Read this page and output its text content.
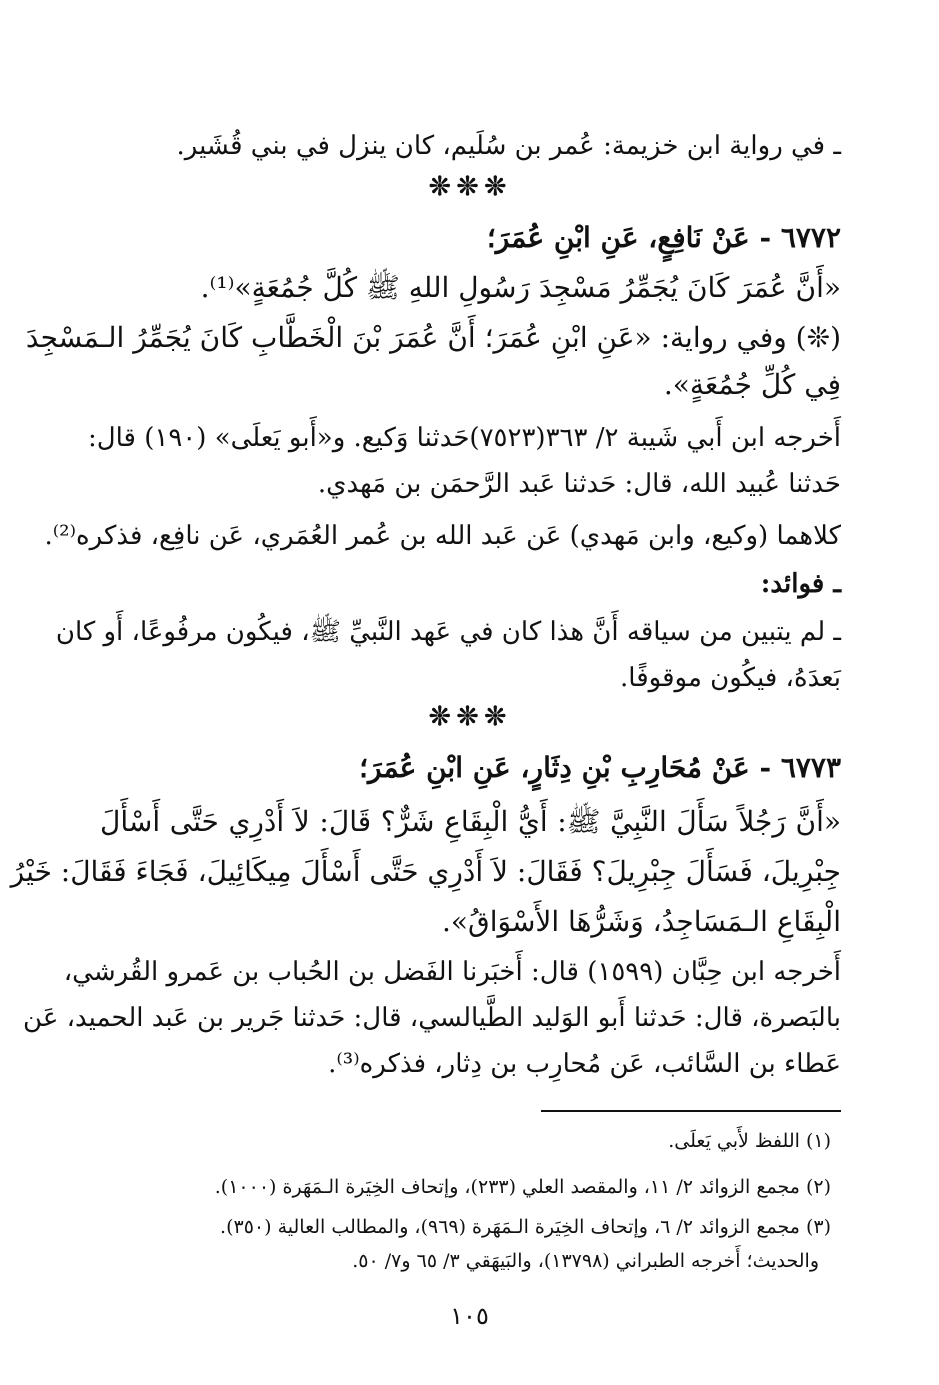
ـ في رواية ابن خزيمة: عُمر بن سُلَيم، كان ينزل في بني قُشَير.
❊❊❊
٦٧٧٢ - عَنْ نَافِعٍ، عَنِ ابْنِ عُمَرَ؛
«أَنَّ عُمَرَ كَانَ يُجَمِّرُ مَسْجِدَ رَسُولِ اللهِ ﷺ كُلَّ جُمُعَةٍ»⁽¹⁾.
(❊) وفي رواية: «عَنِ ابْنِ عُمَرَ؛ أَنَّ عُمَرَ بْنَ الْخَطَّابِ كَانَ يُجَمِّرُ الـمَسْجِدَ
فِي كُلِّ جُمُعَةٍ».
أَخرجه ابن أَبي شَيبة ٢/ ٣٦٣(٧٥٢٣)حَدثنا وَكيع. و«أَبو يَعلَى» (١٩٠) قال:
حَدثنا عُبيد الله، قال: حَدثنا عَبد الرَّحمَن بن مَهدي.
كلاهما (وكيع، وابن مَهدي) عَن عَبد الله بن عُمر العُمَري، عَن نافِع، فذكره⁽²⁾.
ـ فوائد:
ـ لم يتبين من سياقه أَنَّ هذا كان في عَهد النَّبيِّ ﷺ، فيكُون مرفُوعًا، أَو كان
بَعدَهُ، فيكُون موقوفًا.
❊❊❊
٦٧٧٣ - عَنْ مُحَارِبِ بْنِ دِثَارٍ، عَنِ ابْنِ عُمَرَ؛
«أَنَّ رَجُلاً سَأَلَ النَّبِيَّ ﷺ: أَيُّ الْبِقَاعِ شَرٌّ؟ قَالَ: لاَ أَدْرِي حَتَّى أَسْأَلَ
جِبْرِيلَ، فَسَأَلَ جِبْرِيلَ؟ فَقَالَ: لاَ أَدْرِي حَتَّى أَسْأَلَ مِيكَائِيلَ، فَجَاءَ فَقَالَ: خَيْرُ
الْبِقَاعِ الـمَسَاجِدُ، وَشَرُّهَا الأَسْوَاقُ».
أَخرجه ابن حِبَّان (١٥٩٩) قال: أَخبَرنا الفَضل بن الحُباب بن عَمرو القُرشي،
بالبَصرة، قال: حَدثنا أَبو الوَليد الطَّيالسي، قال: حَدثنا جَرير بن عَبد الحميد، عَن
عَطاء بن السَّائب، عَن مُحارِب بن دِثار، فذكره⁽³⁾.
(١) اللفظ لأَبي يَعلَى.
(٢) مجمع الزوائد ٢/ ١١، والمقصد العلي (٢٣٣)، وإتحاف الخِيَرة الـمَهَرة (١٠٠٠).
(٣) مجمع الزوائد ٢/ ٦، وإتحاف الخِيَرة الـمَهَرة (٩٦٩)، والمطالب العالية (٣٥٠).
والحديث؛ أَخرجه الطبراني (١٣٧٩٨)، والبَيهَقي ٣/ ٦٥ و٧/ ٥٠.
١٠٥
